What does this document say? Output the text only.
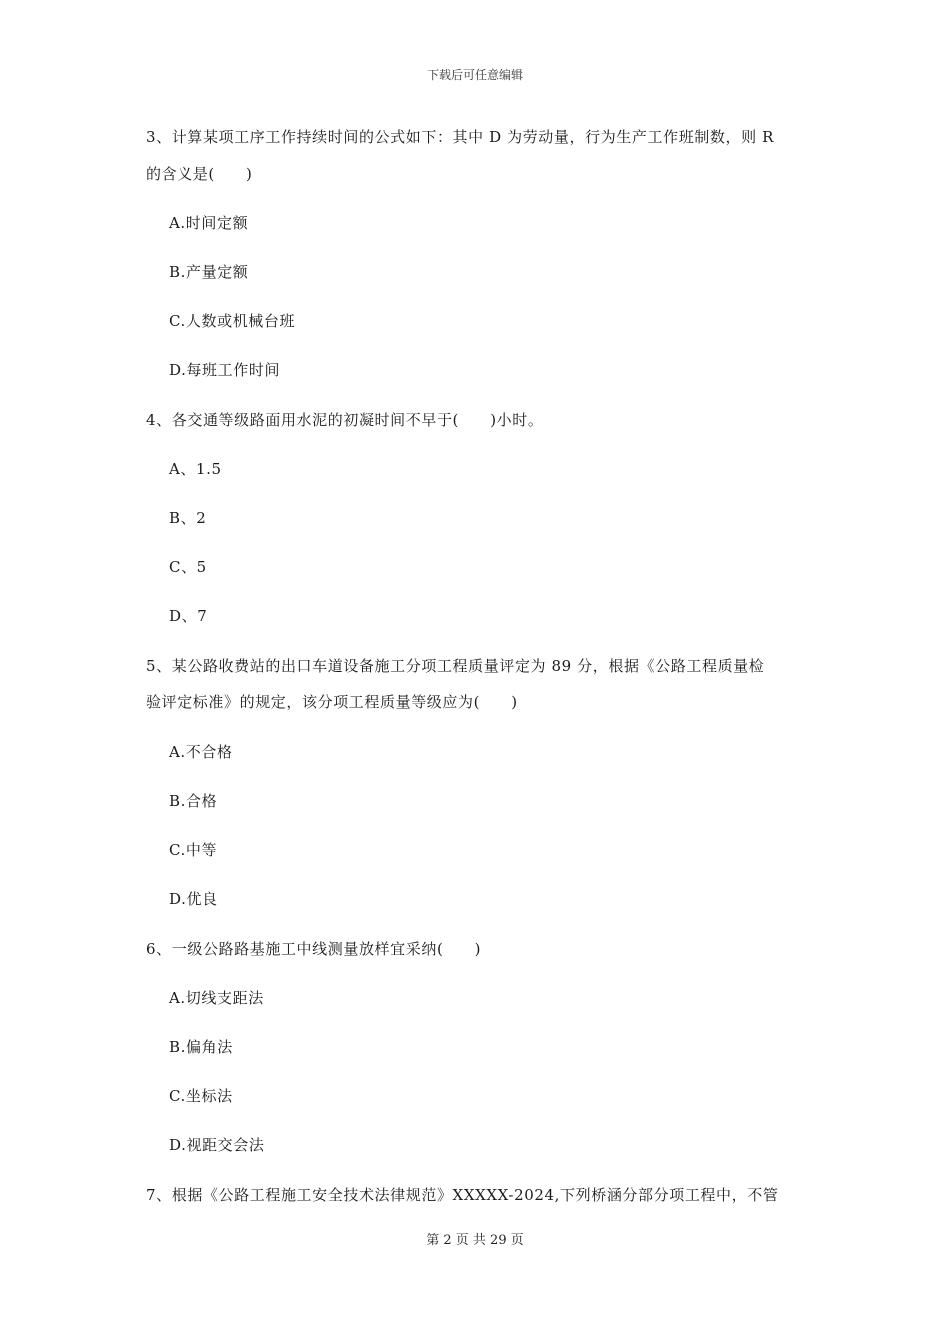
下载后可任意编辑
3、计算某项工序工作持续时间的公式如下：其中 D 为劳动量，行为生产工作班制数，则 R
的含义是(　　)
A.时间定额
B.产量定额
C.人数或机械台班
D.每班工作时间
4、各交通等级路面用水泥的初凝时间不早于(　　)小时。
A、1.5
B、2
C、5
D、7
5、某公路收费站的出口车道设备施工分项工程质量评定为 89 分，根据《公路工程质量检
验评定标准》的规定，该分项工程质量等级应为(　　)
A.不合格
B.合格
C.中等
D.优良
6、一级公路路基施工中线测量放样宜采纳(　　)
A.切线支距法
B.偏角法
C.坐标法
D.视距交会法
7、根据《公路工程施工安全技术法律规范》XXXXX-2024,下列桥涵分部分项工程中，不管
第 2 页 共 29 页
